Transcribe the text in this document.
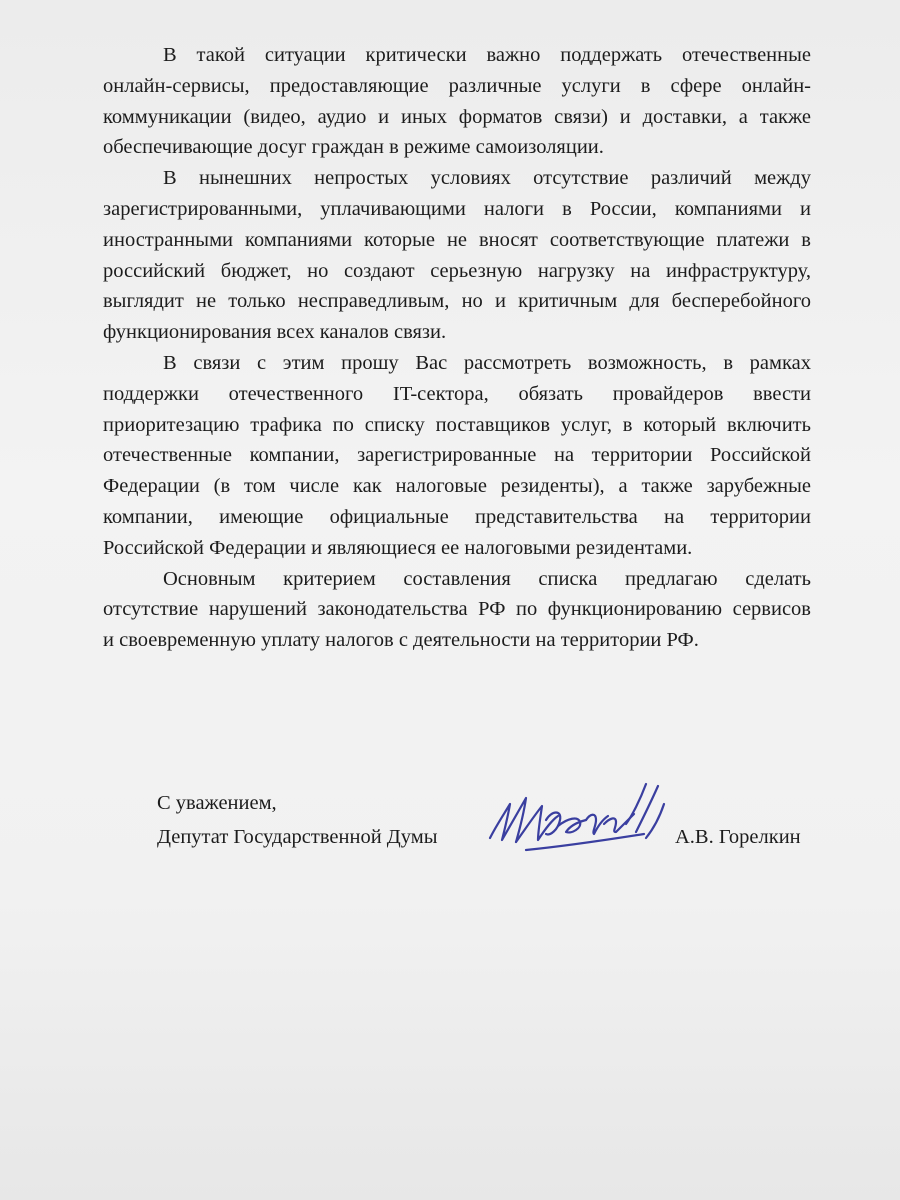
В такой ситуации критически важно поддержать отечественные
онлайн-сервисы, предоставляющие различные услуги в сфере онлайн-
коммуникации (видео, аудио и иных форматов связи) и доставки, а также
обеспечивающие досуг граждан в режиме самоизоляции.

В нынешних непростых условиях отсутствие различий между
зарегистрированными, уплачивающими налоги в России, компаниями и
иностранными компаниями которые не вносят соответствующие платежи в
российский бюджет, но создают серьезную нагрузку на инфраструктуру,
выглядит не только несправедливым, но и критичным для бесперебойного
функционирования всех каналов связи.

В связи с этим прошу Вас рассмотреть возможность, в рамках
поддержки отечественного IT-сектора, обязать провайдеров ввести
приоритезацию трафика по списку поставщиков услуг, в который включить
отечественные компании, зарегистрированные на территории Российской
Федерации (в том числе как налоговые резиденты), а также зарубежные
компании, имеющие официальные представительства на территории
Российской Федерации и являющиеся ее налоговыми резидентами.

Основным критерием составления списка предлагаю сделать
отсутствие нарушений законодательства РФ по функционированию сервисов
и своевременную уплату налогов с деятельности на территории РФ.

С уважением,
Депутат Государственной Думы	А.В. Горелкин
